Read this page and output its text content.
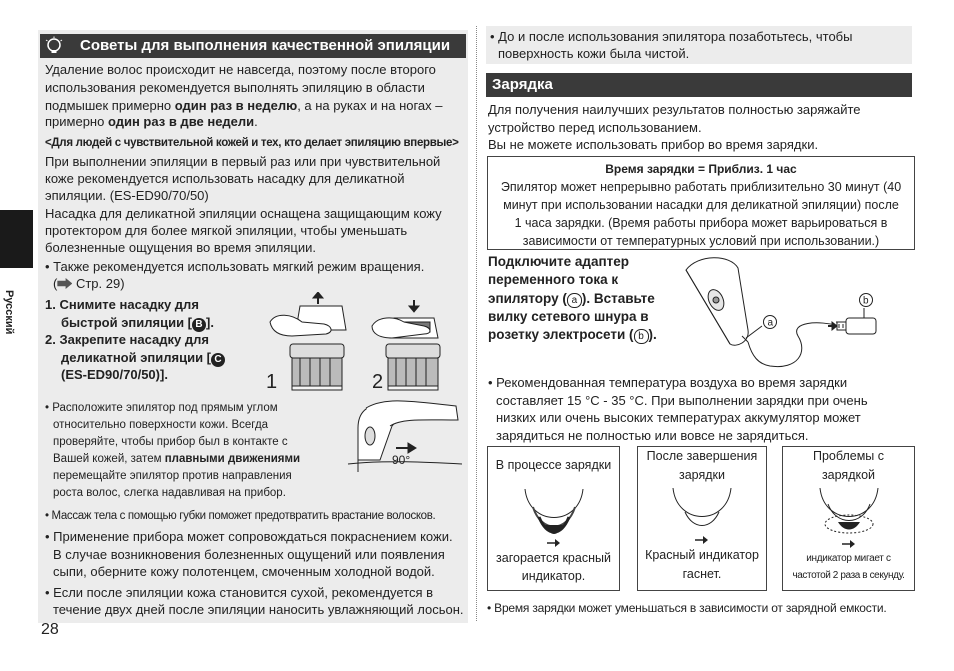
Советы для выполнения качественной эпиляции
Русский
Удаление волос происходит не навсегда, поэтому после второго
использования рекомендуется выполнять эпиляцию в области
подмышек примерно один раз в неделю, а на руках и на ногах –
примерно один раз в две недели.
<Для людей с чувствительной кожей и тех, кто делает эпиляцию впервые>
При выполнении эпиляции в первый раз или при чувствительной
коже рекомендуется использовать насадку для деликатной
эпиляции. (ES-ED90/70/50)
Насадка для деликатной эпиляции оснащена защищающим кожу
протектором для более мягкой эпиляции, чтобы уменьшать
болезненные ощущения во время эпиляции.
• Также рекомендуется использовать мягкий режим вращения.
( Стр. 29)
1. Снимите насадку для
быстрой эпиляции [ B ].
2. Закрепите насадку для
деликатной эпиляции [ C
(ES-ED90/70/50)].	1	2
• Расположите эпилятор под прямым углом
относительно поверхности кожи. Всегда
проверяйте, чтобы прибор был в контакте с
Вашей кожей, затем плавными движениями
перемещайте эпилятор против направления
роста волос, слегка надавливая на прибор.
90°
• Массаж тела с помощью губки поможет предотвратить врастание волосков.
• Применение прибора может сопровождаться покраснением кожи.
В случае возникновения болезненных ощущений или появления
сыпи, оберните кожу полотенцем, смоченным холодной водой.
• Если после эпиляции кожа становится сухой, рекомендуется в
течение двух дней после эпиляции наносить увлажняющий лосьон.
28
• До и после использования эпилятора позаботьтесь, чтобы
поверхность кожи была чистой.
Зарядка
Для получения наилучших результатов полностью заряжайте
устройство перед использованием.
Вы не можете использовать прибор во время зарядки.
Время зарядки = Приблиз. 1 час
Эпилятор может непрерывно работать приблизительно 30 минут (40
минут при использовании насадки для деликатной эпиляции) после
1 часа зарядки. (Время работы прибора может варьироваться в
зависимости от температурных условий при использовании.)
Подключите адаптер
переменного тока к
эпилятору ( a ). Вставьте
вилку сетевого шнура в
розетку электросети ( b ).
a
b
• Рекомендованная температура воздуха во время зарядки
составляет 15 °C - 35 °C. При выполнении зарядки при очень
низких или очень высоких температурах аккумулятор может
зарядиться не полностью или вовсе не зарядиться.
В процессе зарядки
загорается красный
индикатор.
После завершения
зарядки
Красный индикатор
гаснет.
Проблемы с
зарядкой
индикатор мигает с
частотой 2 раза в секунду.
• Время зарядки может уменьшаться в зависимости от зарядной емкости.
